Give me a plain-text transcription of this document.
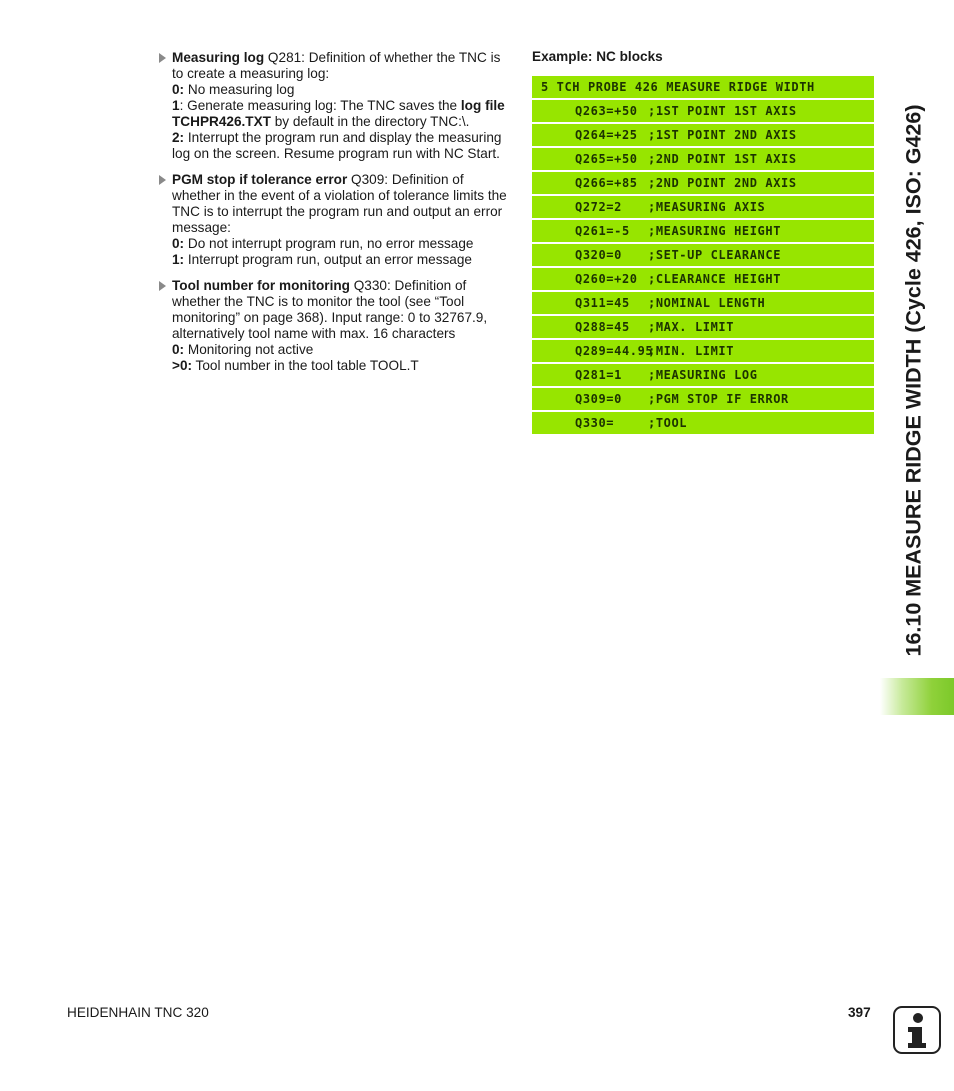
Measuring log Q281: Definition of whether the TNC is to create a measuring log:

0: No measuring log

1: Generate measuring log: The TNC saves the log file TCHPR426.TXT by default in the directory TNC:\.

2: Interrupt the program run and display the measuring log on the screen. Resume program run with NC Start.

PGM stop if tolerance error Q309: Definition of whether in the event of a violation of tolerance limits the TNC is to interrupt the program run and output an error message:

0: Do not interrupt program run, no error message

1: Interrupt program run, output an error message

Tool number for monitoring Q330: Definition of whether the TNC is to monitor the tool (see “Tool monitoring” on page 368). Input range: 0 to 32767.9, alternatively tool name with max. 16 characters

0: Monitoring not active

>0: Tool number in the tool table TOOL.T

Example: NC blocks
5 TCH PROBE 426 MEASURE RIDGE WIDTH
Q263=+50 ;1ST POINT 1ST AXIS
Q264=+25 ;1ST POINT 2ND AXIS
Q265=+50 ;2ND POINT 1ST AXIS
Q266=+85 ;2ND POINT 2ND AXIS
Q272=2 ;MEASURING AXIS
Q261=-5 ;MEASURING HEIGHT
Q320=0 ;SET-UP CLEARANCE
Q260=+20 ;CLEARANCE HEIGHT
Q311=45 ;NOMINAL LENGTH
Q288=45 ;MAX. LIMIT
Q289=44.95;MIN. LIMIT
Q281=1 ;MEASURING LOG
Q309=0 ;PGM STOP IF ERROR
Q330=	;TOOL	16.10 MEASURE RIDGE WIDTH (Cycle 426, ISO: G426)
HEIDENHAIN TNC 320	397
